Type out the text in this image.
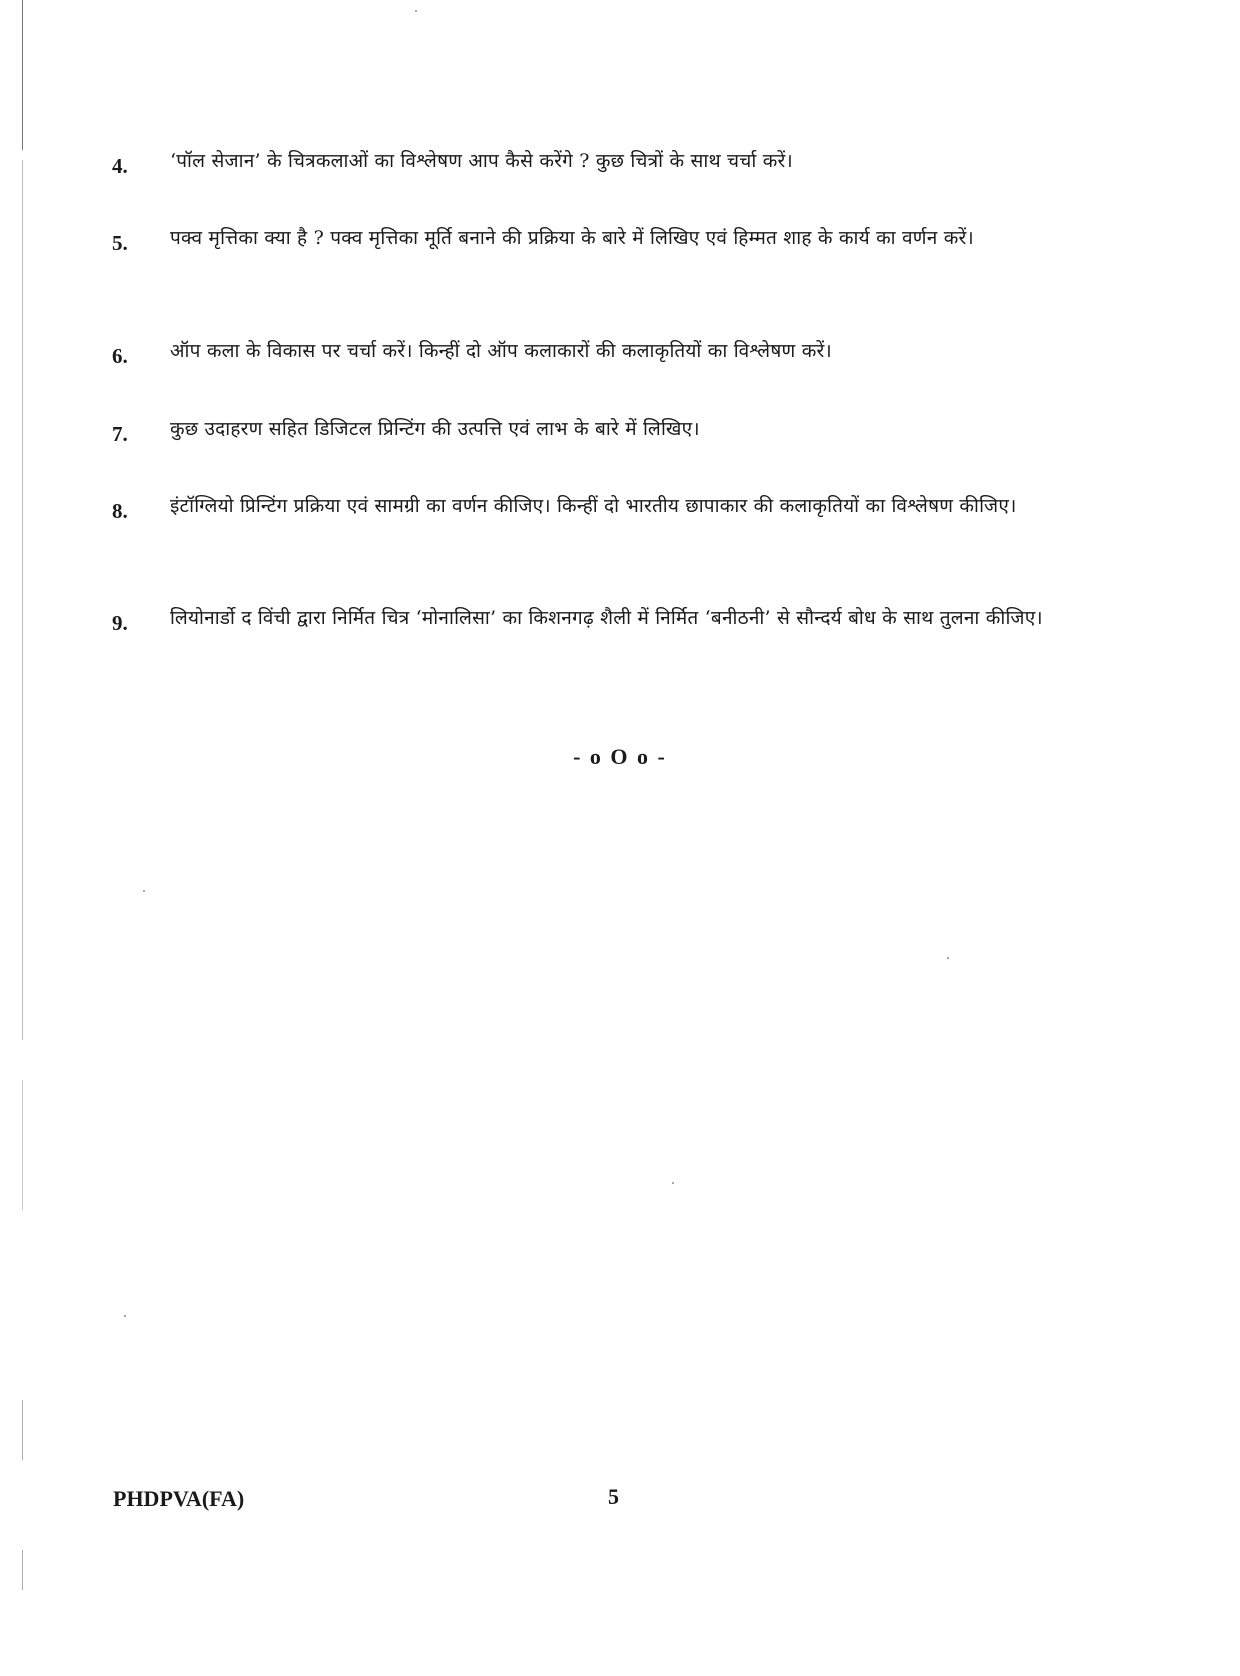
4.	‘पॉल सेजान’ के चित्रकलाओं का विश्लेषण आप कैसे करेंगे ? कुछ चित्रों के साथ चर्चा करें।
5.	पक्व मृत्तिका क्या है ? पक्व मृत्तिका मूर्ति बनाने की प्रक्रिया के बारे में लिखिए एवं हिम्मत शाह के कार्य का वर्णन करें।
6.	ऑप कला के विकास पर चर्चा करें। किन्हीं दो ऑप कलाकारों की कलाकृतियों का विश्लेषण करें।
7.	कुछ उदाहरण सहित डिजिटल प्रिन्टिंग की उत्पत्ति एवं लाभ के बारे में लिखिए।
8.	इंटॉग्लियो प्रिन्टिंग प्रक्रिया एवं सामग्री का वर्णन कीजिए। किन्हीं दो भारतीय छापाकार की कलाकृतियों का विश्लेषण कीजिए।
9.	लियोनार्डो द विंची द्वारा निर्मित चित्र ‘मोनालिसा’ का किशनगढ़ शैली में निर्मित ‘बनीठनी’ से सौन्दर्य बोध के साथ तुलना कीजिए।
- o O o -
PHDPVA(FA)	5
